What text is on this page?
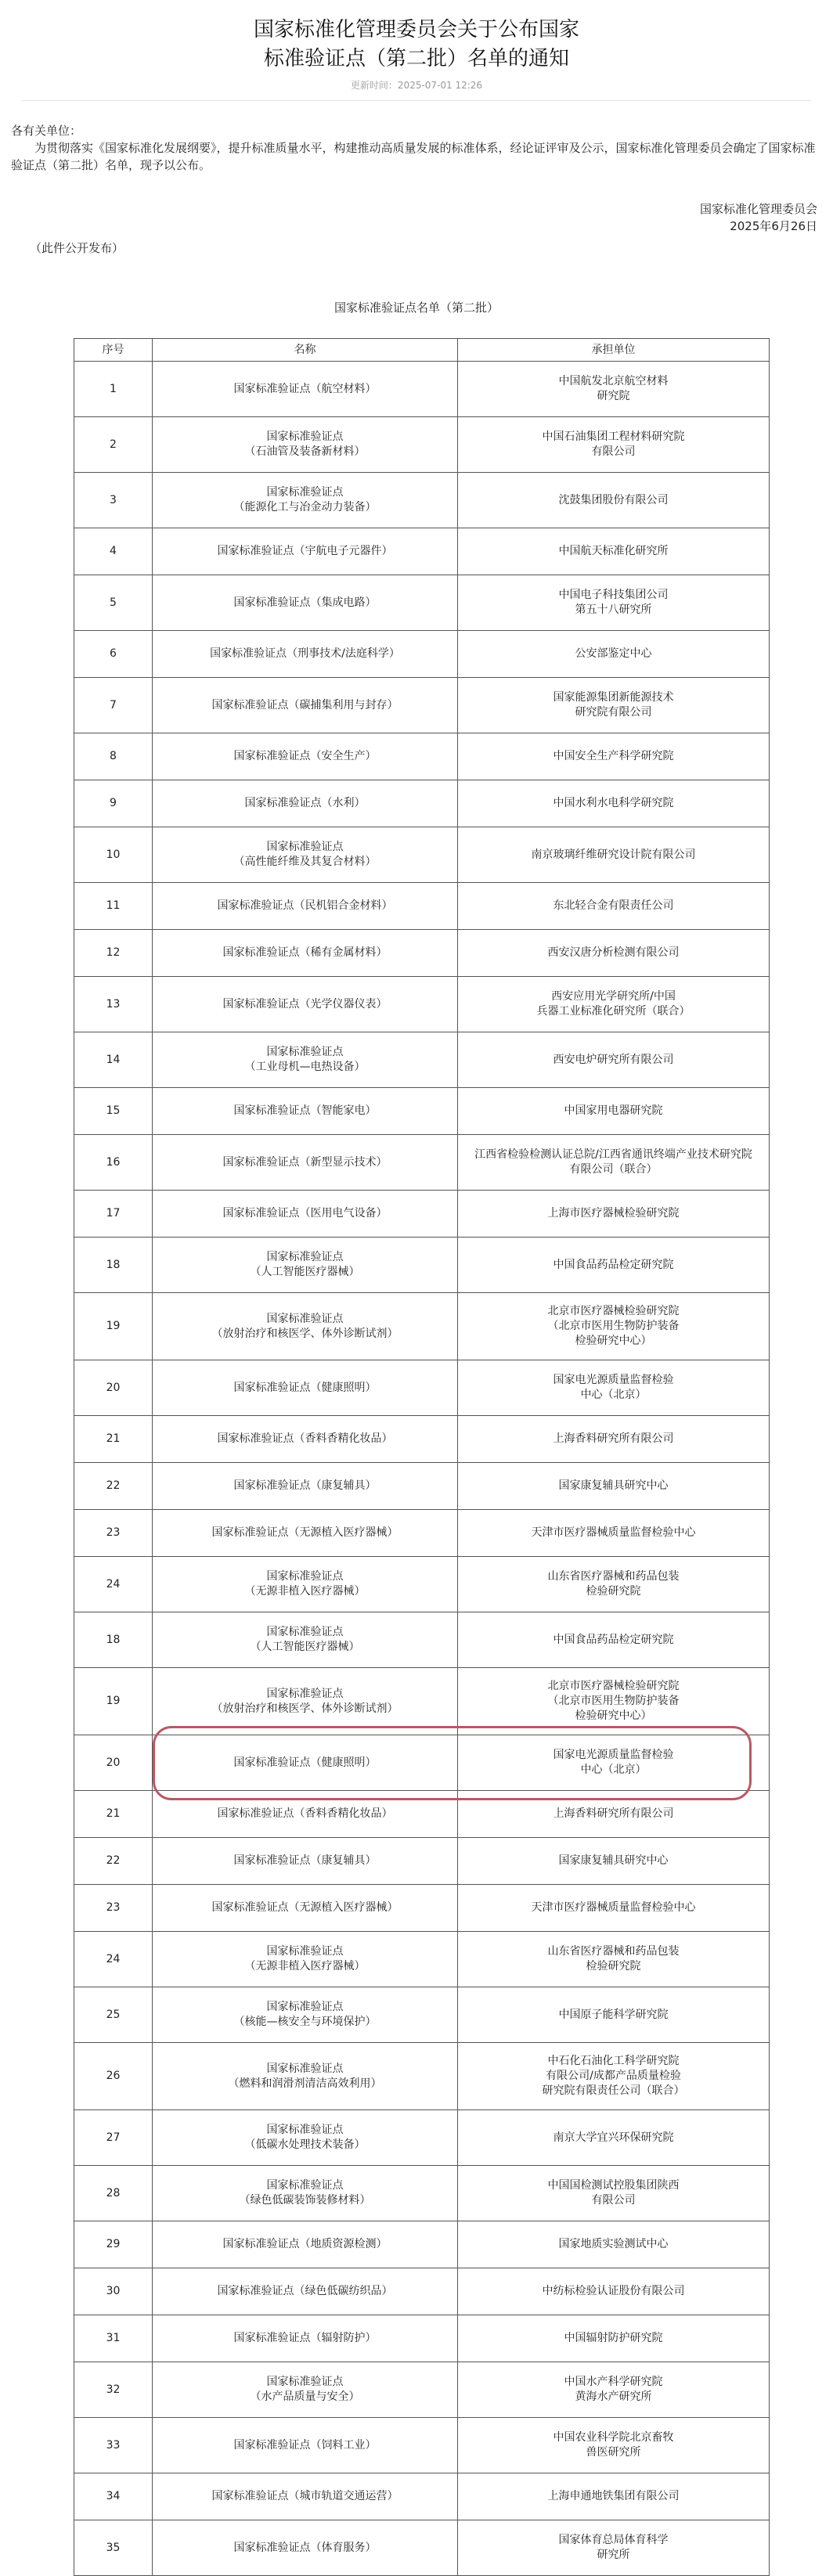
国家标准化管理委员会关于公布国家
标准验证点（第二批）名单的通知
更新时间：2025-07-01 12:26
各有关单位：
为贯彻落实《国家标准化发展纲要》，提升标准质量水平，构建推动高质量发展的标准体系，经论证评审及公示，国家标准化管理委员会确定了国家标准验证点（第二批）名单，现予以公布。
国家标准化管理委员会
2025年6月26日
（此件公开发布）
国家标准验证点名单（第二批）
序号	名称	承担单位
1	国家标准验证点（航空材料）	中国航发北京航空材料
研究院
2	国家标准验证点
（石油管及装备新材料）	中国石油集团工程材料研究院
有限公司
3	国家标准验证点
（能源化工与冶金动力装备）	沈鼓集团股份有限公司
4	国家标准验证点（宇航电子元器件）	中国航天标准化研究所
5	国家标准验证点（集成电路）	中国电子科技集团公司
第五十八研究所
6	国家标准验证点（刑事技术/法庭科学）	公安部鉴定中心
7	国家标准验证点（碳捕集利用与封存）	国家能源集团新能源技术
研究院有限公司
8	国家标准验证点（安全生产）	中国安全生产科学研究院
9	国家标准验证点（水利）	中国水利水电科学研究院
10	国家标准验证点
（高性能纤维及其复合材料）	南京玻璃纤维研究设计院有限公司
11	国家标准验证点（民机铝合金材料）	东北轻合金有限责任公司
12	国家标准验证点（稀有金属材料）	西安汉唐分析检测有限公司
13	国家标准验证点（光学仪器仪表）	西安应用光学研究所/中国
兵器工业标准化研究所（联合）
14	国家标准验证点
（工业母机—电热设备）	西安电炉研究所有限公司
15	国家标准验证点（智能家电）	中国家用电器研究院
16	国家标准验证点（新型显示技术）	江西省检验检测认证总院/江西省通讯终端产业技术研究院
有限公司（联合）
17	国家标准验证点（医用电气设备）	上海市医疗器械检验研究院
18	国家标准验证点
（人工智能医疗器械）	中国食品药品检定研究院
19	国家标准验证点
（放射治疗和核医学、体外诊断试剂）	北京市医疗器械检验研究院
（北京市医用生物防护装备
检验研究中心）
20	国家标准验证点（健康照明）	国家电光源质量监督检验
中心（北京）
21	国家标准验证点（香料香精化妆品）	上海香料研究所有限公司
22	国家标准验证点（康复辅具）	国家康复辅具研究中心
23	国家标准验证点（无源植入医疗器械）	天津市医疗器械质量监督检验中心
24	国家标准验证点
（无源非植入医疗器械）	山东省医疗器械和药品包装
检验研究院
18	国家标准验证点
（人工智能医疗器械）	中国食品药品检定研究院
19	国家标准验证点
（放射治疗和核医学、体外诊断试剂）	北京市医疗器械检验研究院
（北京市医用生物防护装备
检验研究中心）
20	国家标准验证点（健康照明）	国家电光源质量监督检验
中心（北京）
21	国家标准验证点（香料香精化妆品）	上海香料研究所有限公司
22	国家标准验证点（康复辅具）	国家康复辅具研究中心
23	国家标准验证点（无源植入医疗器械）	天津市医疗器械质量监督检验中心
24	国家标准验证点
（无源非植入医疗器械）	山东省医疗器械和药品包装
检验研究院
25	国家标准验证点
（核能—核安全与环境保护）	中国原子能科学研究院
26	国家标准验证点
（燃料和润滑剂清洁高效利用）	中石化石油化工科学研究院
有限公司/成都产品质量检验
研究院有限责任公司（联合）
27	国家标准验证点
（低碳水处理技术装备）	南京大学宜兴环保研究院
28	国家标准验证点
（绿色低碳装饰装修材料）	中国国检测试控股集团陕西
有限公司
29	国家标准验证点（地质资源检测）	国家地质实验测试中心
30	国家标准验证点（绿色低碳纺织品）	中纺标检验认证股份有限公司
31	国家标准验证点（辐射防护）	中国辐射防护研究院
32	国家标准验证点
（水产品质量与安全）	中国水产科学研究院
黄海水产研究所
33	国家标准验证点（饲料工业）	中国农业科学院北京畜牧
兽医研究所
34	国家标准验证点（城市轨道交通运营）	上海申通地铁集团有限公司
35	国家标准验证点（体育服务）	国家体育总局体育科学
研究所
